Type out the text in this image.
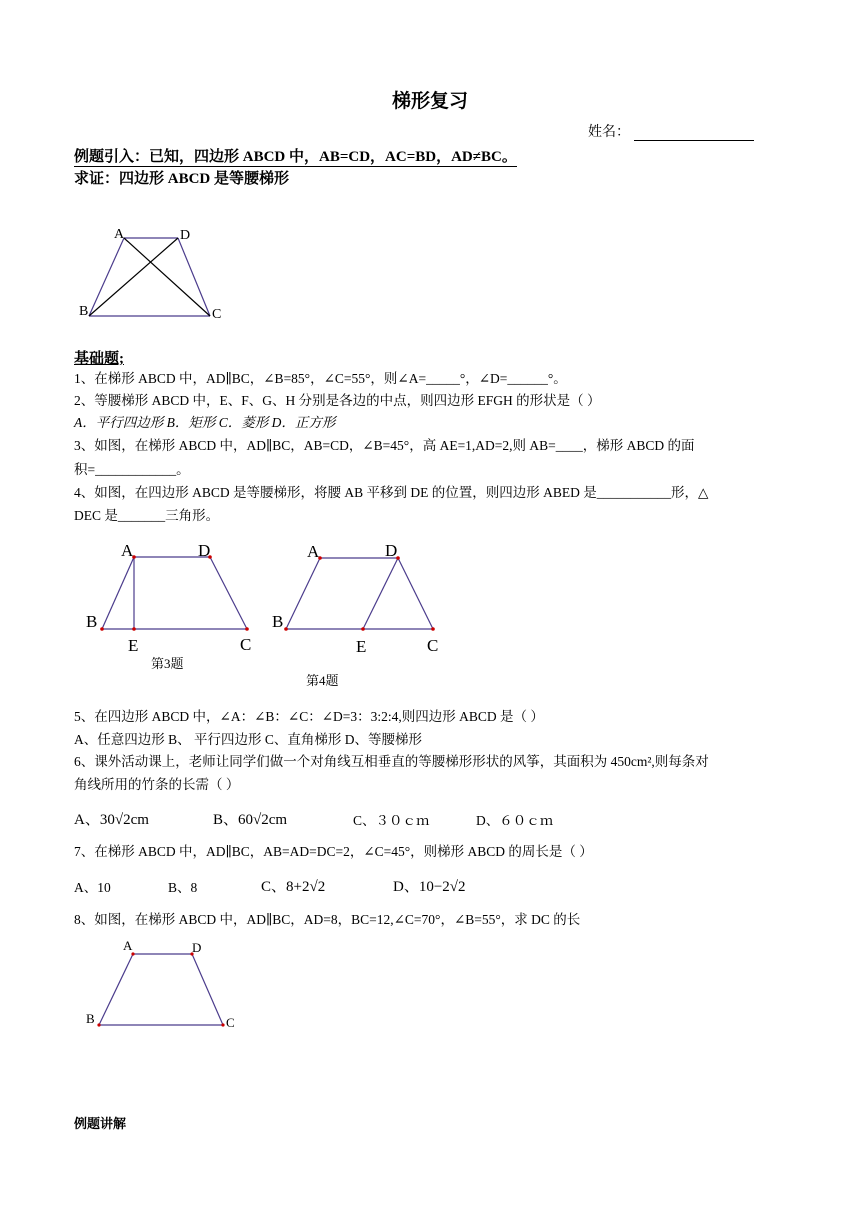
梯形复习
姓名：
例题引入：已知，四边形 ABCD 中，AB=CD，AC=BD，AD≠BC。
求证：四边形 ABCD 是等腰梯形
A	D
B	C
基础题;
1、在梯形 ABCD 中，AD∥BC，∠B=85°，∠C=55°，则∠A=_____°，∠D=______°。
2、等腰梯形 ABCD 中，E、F、G、H 分别是各边的中点，则四边形 EFGH 的形状是（ ）
A．平行四边形 B．矩形 C．菱形 D．正方形
3、如图，在梯形 ABCD 中，AD∥BC，AB=CD，∠B=45°，高 AE=1,AD=2,则 AB=____，梯形 ABCD 的面
积=____________。
4、如图，在四边形 ABCD 是等腰梯形，将腰 AB 平移到 DE 的位置，则四边形 ABED 是___________形，△
DEC 是_______三角形。
A	D
B
E	C
第3题
A	D
B
E	C
第4题
5、在四边形 ABCD 中，∠A：∠B：∠C：∠D=3：3:2:4,则四边形 ABCD 是（ ）
A、任意四边形 B、 平行四边形 C、直角梯形 D、等腰梯形
6、课外活动课上，老师让同学们做一个对角线互相垂直的等腰梯形形状的风筝，其面积为 450cm²,则每条对
角线所用的竹条的长需（ ）
A、30√2cm	B、60√2cm	C、３０ｃｍ	D、６０ｃｍ
7、在梯形 ABCD 中，AD∥BC，AB=AD=DC=2，∠C=45°，则梯形 ABCD 的周长是（ ）
A、10	B、8	C、8+2√2	D、10−2√2
8、如图，在梯形 ABCD 中，AD∥BC，AD=8，BC=12,∠C=70°，∠B=55°，求 DC 的长
A	D
B	C
例题讲解
